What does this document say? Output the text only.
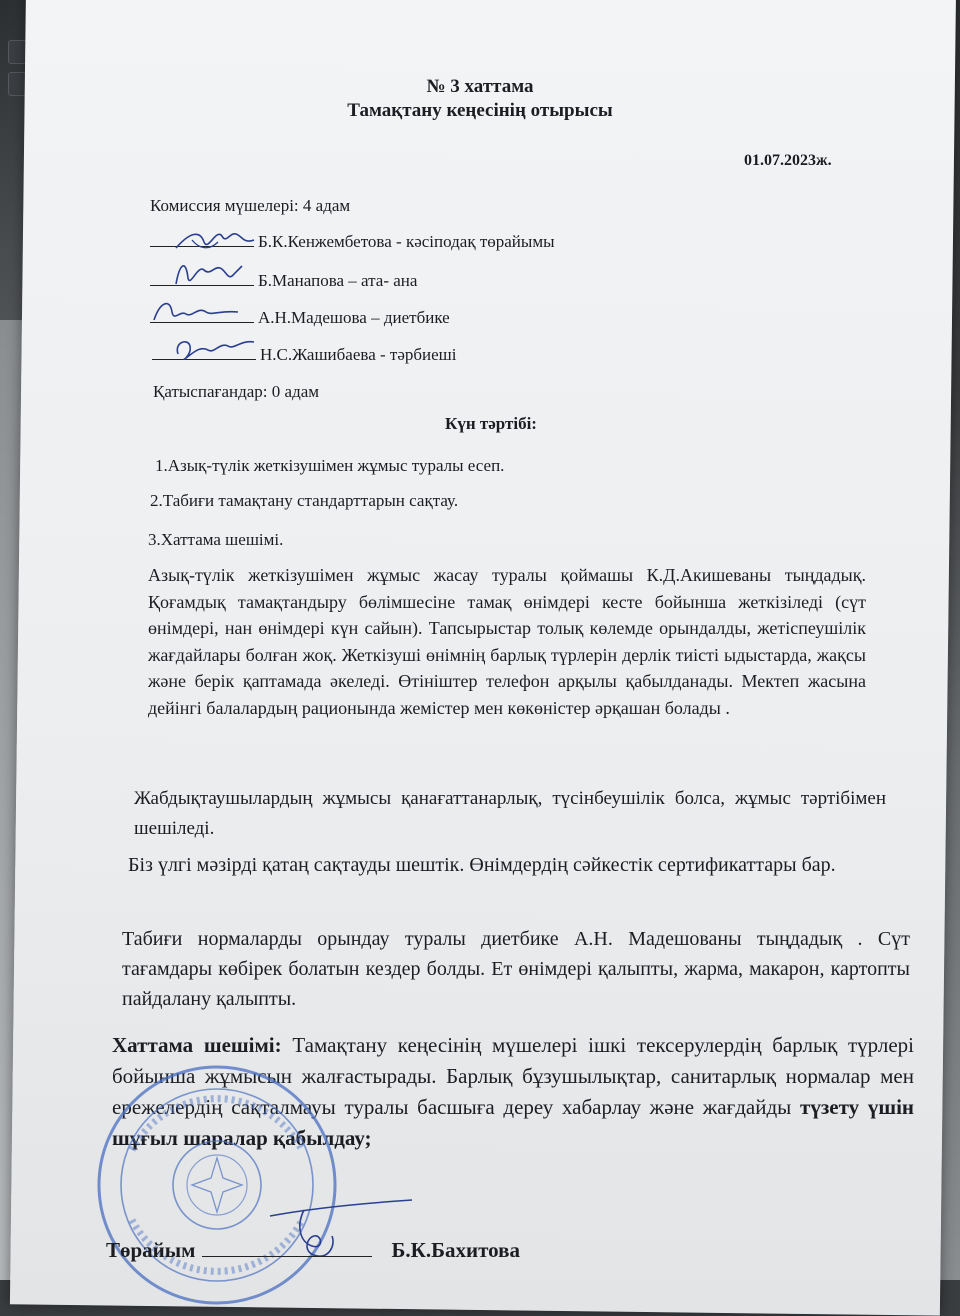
№ 3 хаттама
Тамақтану кеңесінің отырысы
01.07.2023ж.
Комиссия мүшелері: 4 адам
Б.К.Кенжембетова - кәсіподақ төрайымы
Б.Манапова – ата- ана
А.Н.Мадешова – диетбике
Н.С.Жашибаева - тәрбиеші
Қатыспағандар: 0 адам
Күн тәртібі:
1.Азық-түлік жеткізушімен жұмыс туралы есеп.
2.Табиғи тамақтану стандарттарын сақтау.
3.Хаттама шешімі.
Азық-түлік жеткізушімен жұмыс жасау туралы қоймашы К.Д.Акишеваны тыңдадық. Қоғамдық тамақтандыру бөлімшесіне тамақ өнімдері кесте бойынша жеткізіледі (сүт өнімдері, нан өнімдері күн сайын). Тапсырыстар толық көлемде орындалды, жетіспеушілік жағдайлары болған жоқ. Жеткізуші өнімнің барлық түрлерін дерлік тиісті ыдыстарда, жақсы және берік қаптамада әкеледі. Өтініштер телефон арқылы қабылданады. Мектеп жасына дейінгі балалардың рационында жемістер мен көкөністер әрқашан болады .
Жабдықтаушылардың жұмысы қанағаттанарлық, түсінбеушілік болса, жұмыс тәртібімен шешіледі.
Біз үлгі мәзірді қатаң сақтауды шештік. Өнімдердің сәйкестік сертификаттары бар.
Табиғи нормаларды орындау туралы диетбике А.Н. Мадешованы тыңдадық . Сүт тағамдары көбірек болатын кездер болды. Ет өнімдері қалыпты, жарма, макарон, картопты пайдалану қалыпты.
Хаттама шешімі: Тамақтану кеңесінің мүшелері ішкі тексерулердің барлық түрлері бойынша жұмысын жалғастырады. Барлық бұзушылықтар, санитарлық нормалар мен ережелердің сақталмауы туралы басшыға дереу хабарлау және жағдайды түзету үшін шұғыл шаралар қабылдау;
Төрайым	Б.К.Бахитова
